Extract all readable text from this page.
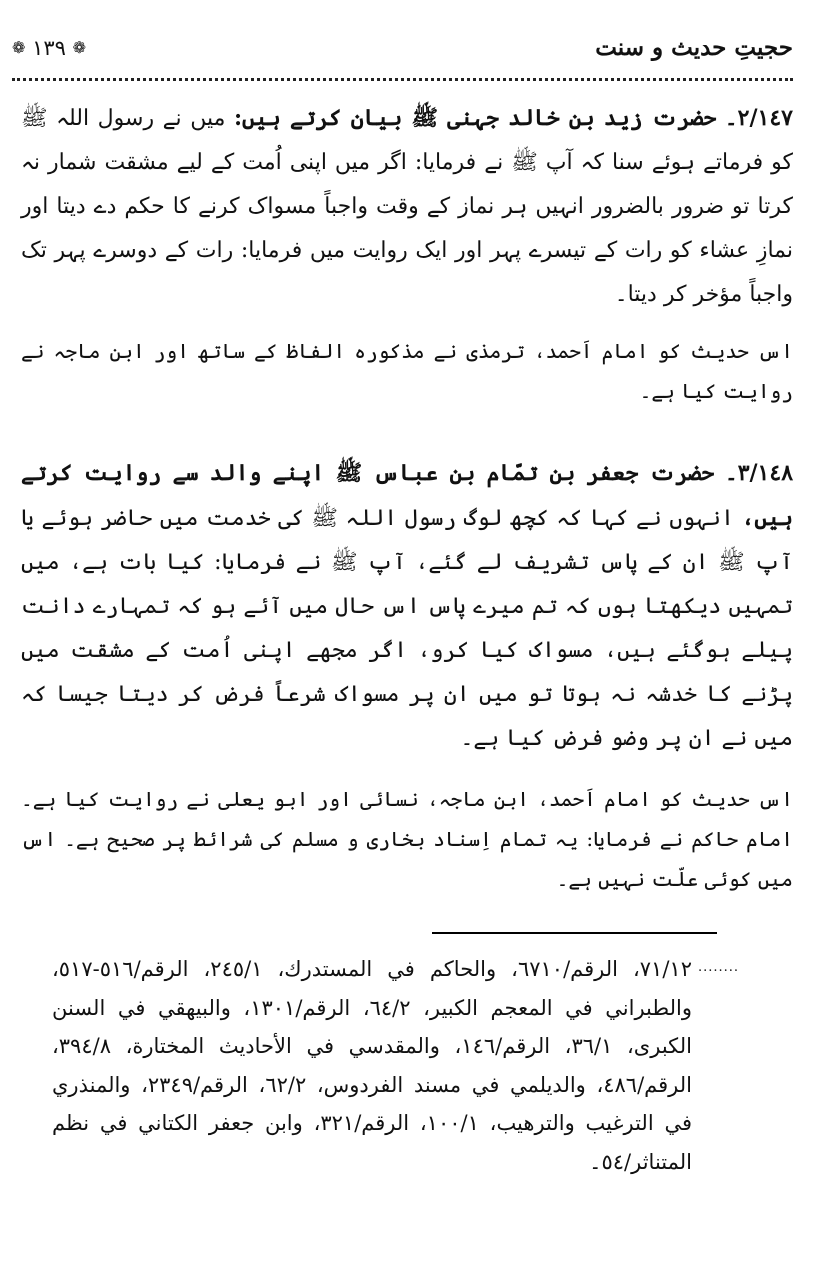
حجیتِ حدیث و سنت
❁ ١٣٩ ❁

٢/١٤٧۔ حضرت زید بن خالد جہنی ﷺ بیان کرتے ہیں: میں نے رسول اللہ ﷺ کو فرماتے ہوئے سنا کہ آپ ﷺ نے فرمایا: اگر میں اپنی اُمت کے لیے مشقت شمار نہ کرتا تو ضرور بالضرور انہیں ہر نماز کے وقت واجباً مسواک کرنے کا حکم دے دیتا اور نمازِ عشاء کو رات کے تیسرے پہر اور ایک روایت میں فرمایا: رات کے دوسرے پہر تک واجباً مؤخر کر دیتا۔

اس حدیث کو امام اَحمد، ترمذی نے مذکورہ الفاظ کے ساتھ اور ابن ماجہ نے روایت کیا ہے۔

٣/١٤٨۔ حضرت جعفر بن تمّام بن عباس ﷺ اپنے والد سے روایت کرتے ہیں، انہوں نے کہا کہ کچھ لوگ رسول اللہ ﷺ کی خدمت میں حاضر ہوئے یا آپ ﷺ ان کے پاس تشریف لے گئے، آپ ﷺ نے فرمایا: کیا بات ہے، میں تمہیں دیکھتا ہوں کہ تم میرے پاس اس حال میں آئے ہو کہ تمہارے دانت پیلے ہوگئے ہیں، مسواک کیا کرو، اگر مجھے اپنی اُمت کے مشقت میں پڑنے کا خدشہ نہ ہوتا تو میں ان پر مسواک شرعاً فرض کر دیتا جیسا کہ میں نے ان پر وضو فرض کیا ہے۔

اس حدیث کو امام اَحمد، ابن ماجہ، نسائی اور ابو یعلی نے روایت کیا ہے۔ امام حاکم نے فرمایا: یہ تمام اِسناد بخاری و مسلم کی شرائط پر صحیح ہے۔ اس میں کوئی علّت نہیں ہے۔

........

٧١/١٢، الرقم/٦٧١٠، والحاكم في المستدرك، ٢٤٥/١، الرقم/٥١٦-٥١٧، والطبراني في المعجم الكبير، ٦٤/٢، الرقم/١٣٠١، والبيهقي في السنن الكبرى، ٣٦/١، الرقم/١٤٦، والمقدسي في الأحاديث المختارة، ٣٩٤/٨، الرقم/٤٨٦، والديلمي في مسند الفردوس، ٦٢/٢، الرقم/٢٣٤٩، والمنذري في الترغيب والترهيب، ١٠٠/١، الرقم/٣٢١، وابن جعفر الكتاني في نظم المتناثر/٥٤۔
